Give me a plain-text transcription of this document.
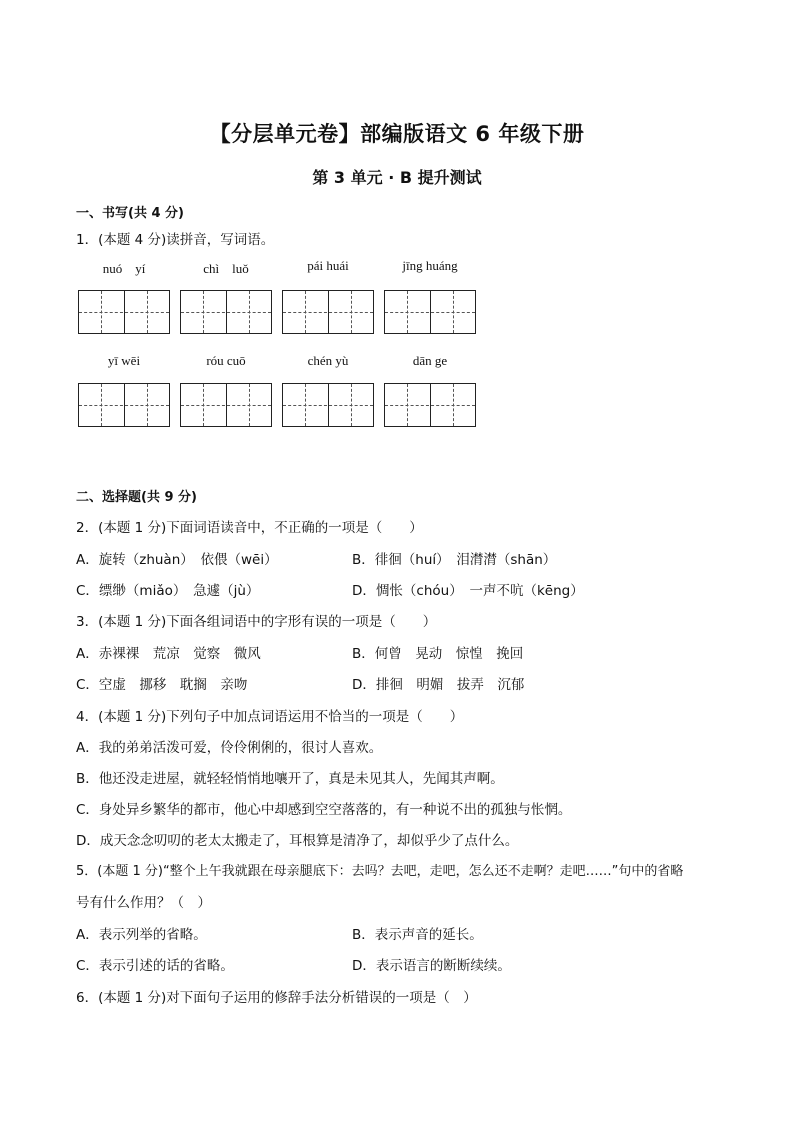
【分层单元卷】部编版语文 6 年级下册
第 3 单元 · B 提升测试
一、书写(共 4 分)
1．(本题 4 分)读拼音，写词语。
nuó　yí	chì　luǒ	pái huái	jīng huáng
yī wēi	róu cuō	chén yù	dān ge
二、选择题(共 9 分)
2．(本题 1 分)下面词语读音中，不正确的一项是（　　）
A．旋转（zhuàn）　依偎（wēi）	B．徘徊（huí）　泪潸潸（shān）
C．缥缈（miǎo）　急遽（jù）	D．惆怅（chóu）　一声不吭（kēng）
3．(本题 1 分)下面各组词语中的字形有误的一项是（　　）
A．赤裸裸　荒凉　觉察　微风	B．何曾　晃动　惊惶　挽回
C．空虚　挪移　耽搁　亲吻	D．排徊　明媚　拔弄　沉郁
4．(本题 1 分)下列句子中加点词语运用不恰当的一项是（　　）
A．我的弟弟活泼可爱，伶伶俐俐的，很讨人喜欢。
B．他还没走进屋，就轻轻悄悄地嚷开了，真是未见其人，先闻其声啊。
C．身处异乡繁华的都市，他心中却感到空空落落的，有一种说不出的孤独与怅惘。
D．成天念念叨叨的老太太搬走了，耳根算是清净了，却似乎少了点什么。
5．(本题 1 分)“整个上午我就跟在母亲腿底下：去吗？去吧，走吧，怎么还不走啊？走吧……”句中的省略
号有什么作用？（　）
A．表示列举的省略。	B．表示声音的延长。
C．表示引述的话的省略。	D．表示语言的断断续续。
6．(本题 1 分)对下面句子运用的修辞手法分析错误的一项是（　）
